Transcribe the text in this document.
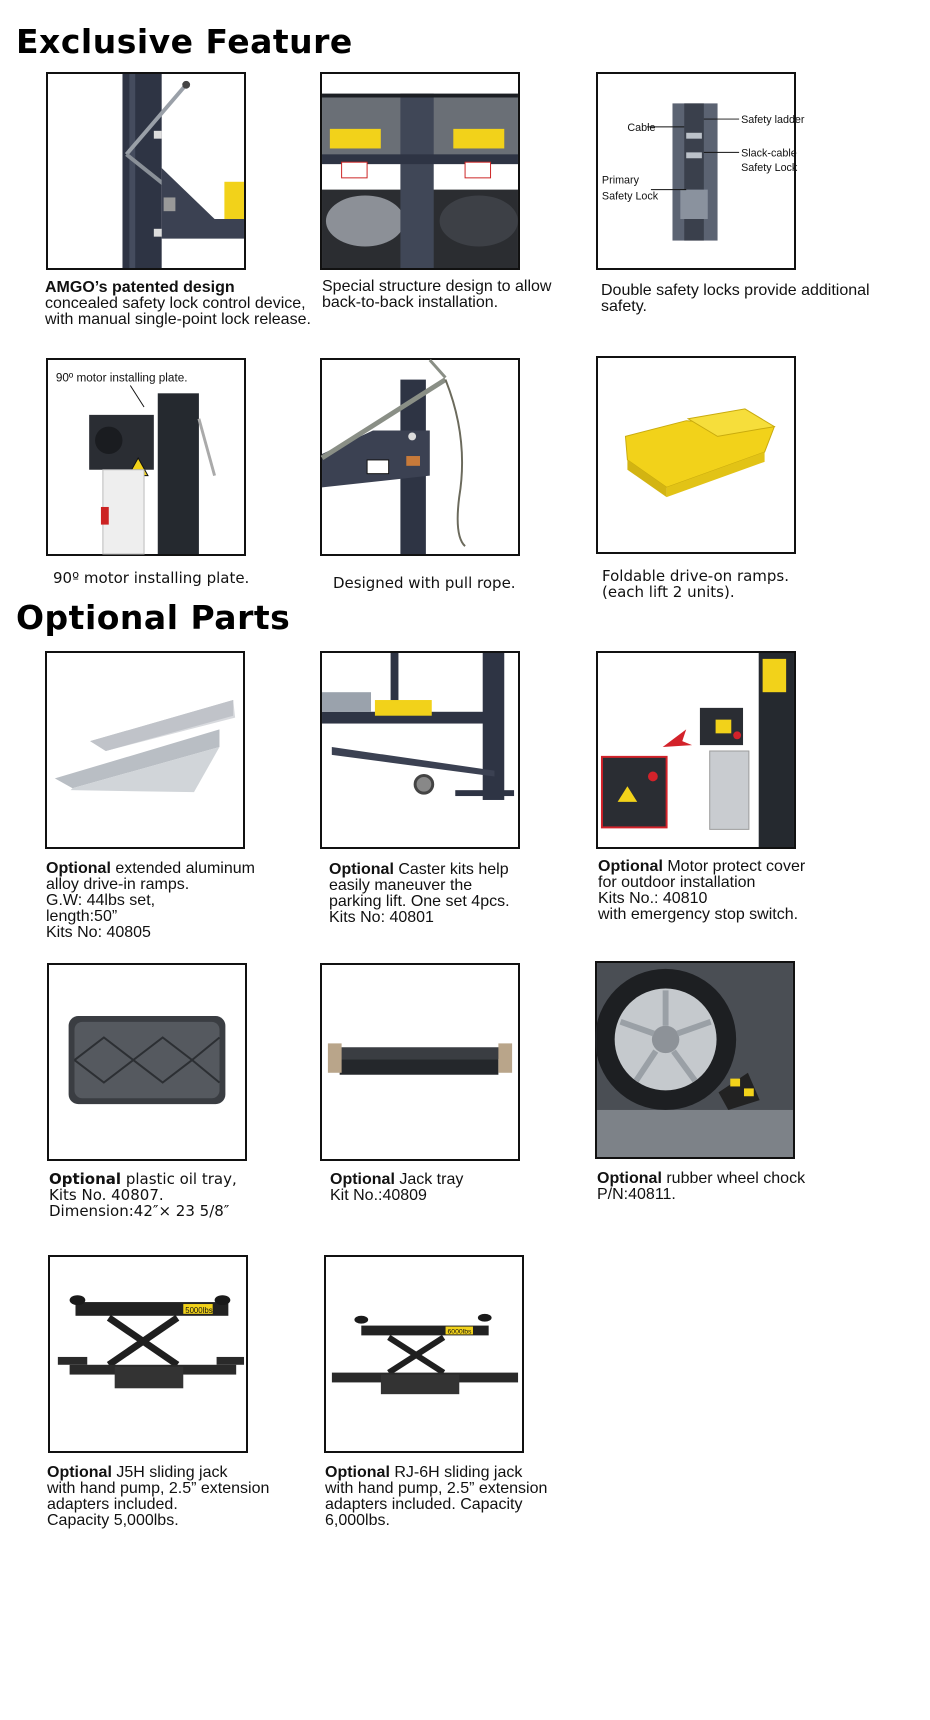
Exclusive Feature
AMGO’s patented design
concealed safety lock control device, with manual single-point lock release.
Special structure design to allow back-to-back installation.
Cable
Safety ladder
Slack-cable
Safety Lock
Primary
Safety Lock
Double safety locks provide additional safety.
90º motor installing plate.
90º motor installing plate.	Designed with pull rope.	Foldable drive-on ramps.
(each lift 2 units).
Optional Parts
Optional extended aluminum
alloy drive-in ramps.
G.W: 44lbs set,
length:50”
Kits No: 40805
Optional Caster kits help
easily maneuver the
parking lift. One set 4pcs.
Kits No: 40801
Optional Motor protect cover
for outdoor installation
Kits No.: 40810
with emergency stop switch.
Optional plastic oil tray,
Kits No. 40807.
Dimension:42″× 23 5/8″
Optional Jack tray
Kit No.:40809
Optional rubber wheel chock
P/N:40811.
5000lbs
Optional J5H sliding jack
with hand pump, 2.5” extension
adapters included.
Capacity 5,000lbs.
6000lbs
Optional RJ-6H sliding jack
with hand pump, 2.5” extension
adapters included. Capacity
6,000lbs.
